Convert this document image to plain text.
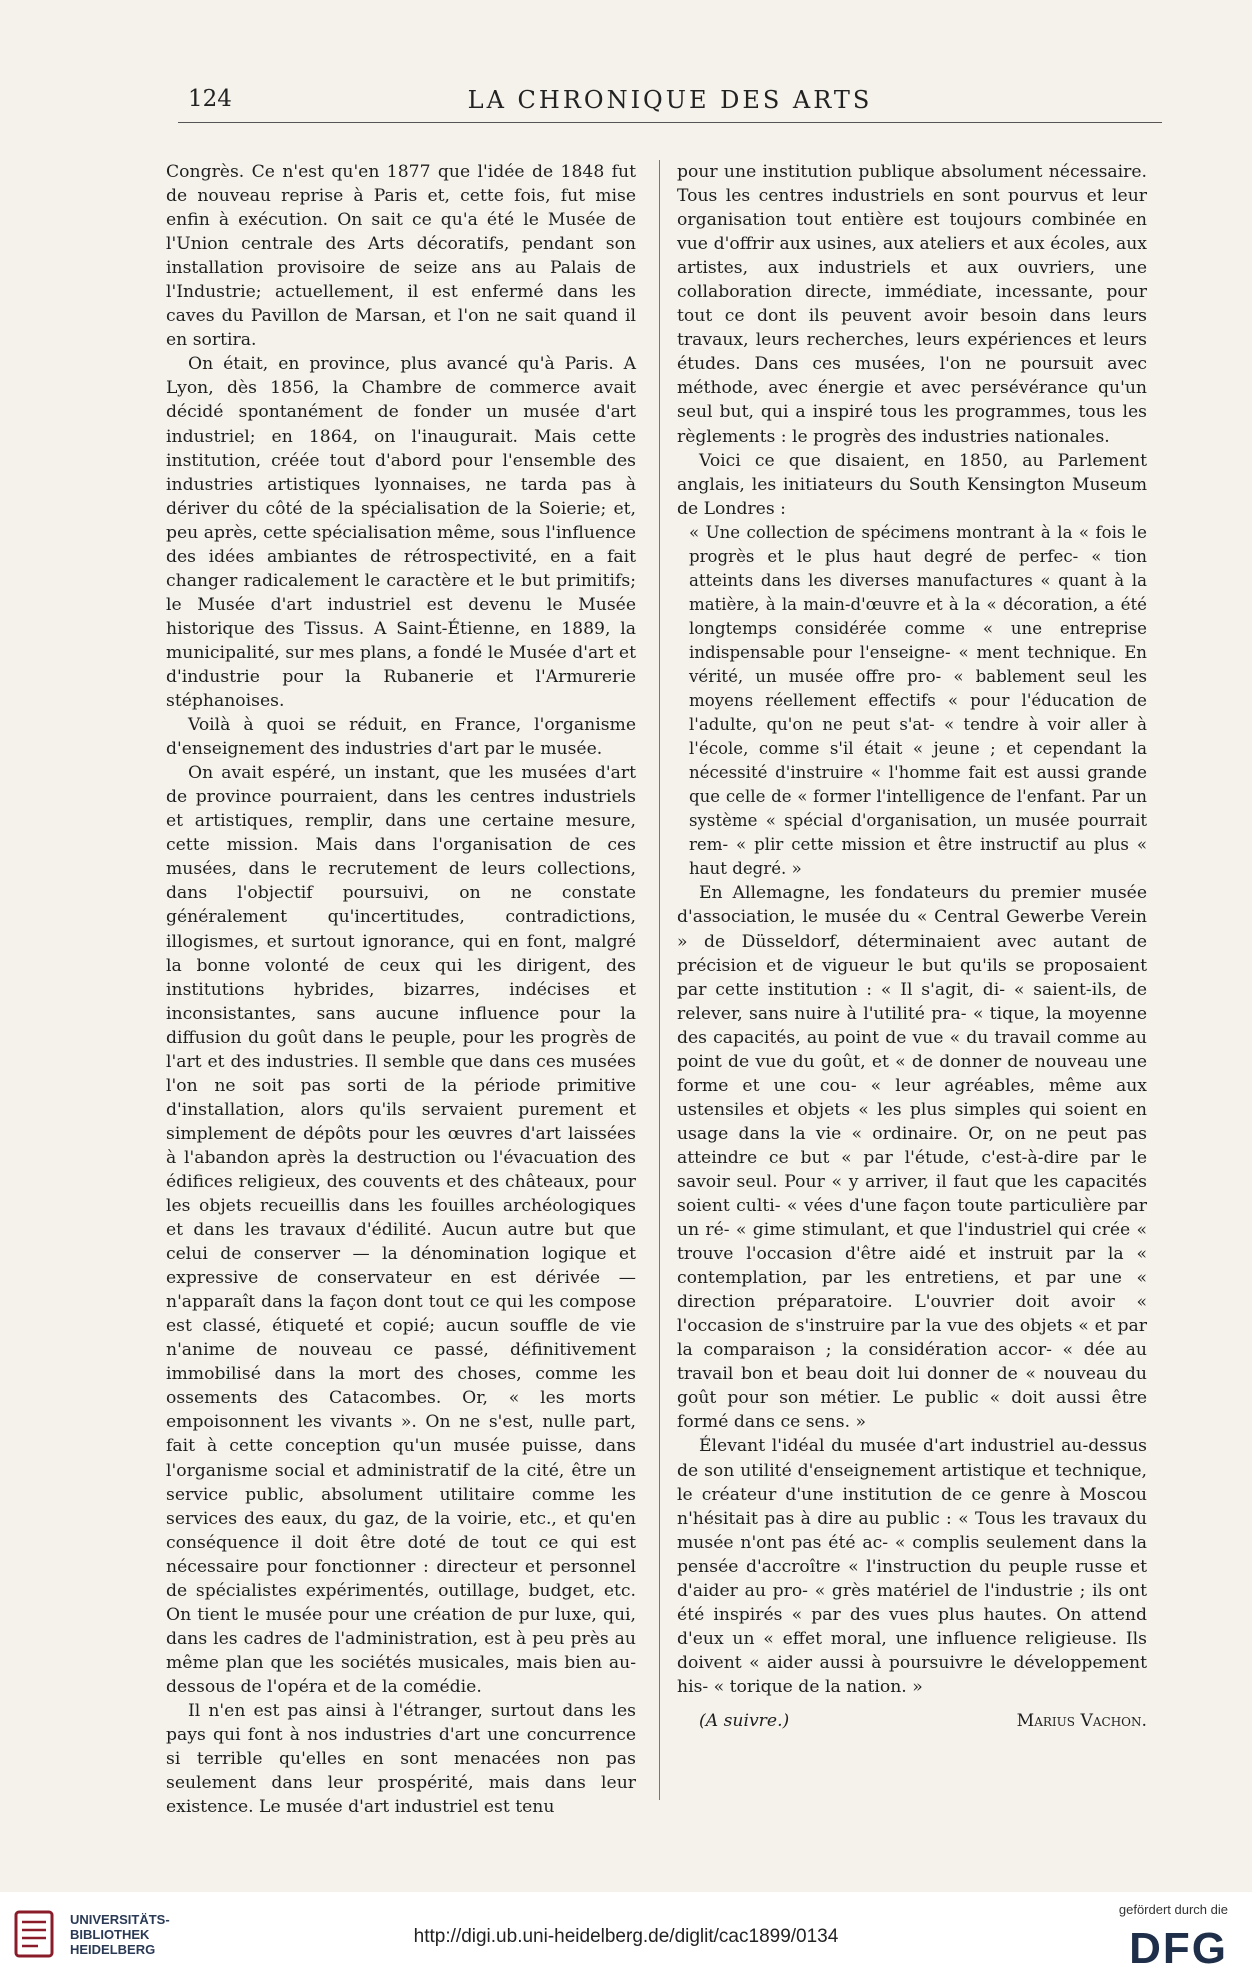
124	LA CHRONIQUE DES ARTS

Congrès. Ce n'est qu'en 1877 que l'idée de 1848 fut de nouveau reprise à Paris et, cette fois, fut mise enfin à exécution. On sait ce qu'a été le Musée de l'Union centrale des Arts décoratifs, pendant son installation provisoire de seize ans au Palais de l'Industrie; actuellement, il est enfermé dans les caves du Pavillon de Marsan, et l'on ne sait quand il en sortira.

On était, en province, plus avancé qu'à Paris. A Lyon, dès 1856, la Chambre de commerce avait décidé spontanément de fonder un musée d'art industriel; en 1864, on l'inaugurait. Mais cette institution, créée tout d'abord pour l'ensemble des industries artistiques lyonnaises, ne tarda pas à dériver du côté de la spécialisation de la Soierie; et, peu après, cette spécialisation même, sous l'influence des idées ambiantes de rétrospectivité, en a fait changer radicalement le caractère et le but primitifs; le Musée d'art industriel est devenu le Musée historique des Tissus. A Saint-Étienne, en 1889, la municipalité, sur mes plans, a fondé le Musée d'art et d'industrie pour la Rubanerie et l'Armurerie stéphanoises.

Voilà à quoi se réduit, en France, l'organisme d'enseignement des industries d'art par le musée.

On avait espéré, un instant, que les musées d'art de province pourraient, dans les centres industriels et artistiques, remplir, dans une certaine mesure, cette mission. Mais dans l'organisation de ces musées, dans le recrutement de leurs collections, dans l'objectif poursuivi, on ne constate généralement qu'incertitudes, contradictions, illogismes, et surtout ignorance, qui en font, malgré la bonne volonté de ceux qui les dirigent, des institutions hybrides, bizarres, indécises et inconsistantes, sans aucune influence pour la diffusion du goût dans le peuple, pour les progrès de l'art et des industries. Il semble que dans ces musées l'on ne soit pas sorti de la période primitive d'installation, alors qu'ils servaient purement et simplement de dépôts pour les œuvres d'art laissées à l'abandon après la destruction ou l'évacuation des édifices religieux, des couvents et des châteaux, pour les objets recueillis dans les fouilles archéologiques et dans les travaux d'édilité. Aucun autre but que celui de conserver — la dénomination logique et expressive de conservateur en est dérivée — n'apparaît dans la façon dont tout ce qui les compose est classé, étiqueté et copié; aucun souffle de vie n'anime de nouveau ce passé, définitivement immobilisé dans la mort des choses, comme les ossements des Catacombes. Or, « les morts empoisonnent les vivants ». On ne s'est, nulle part, fait à cette conception qu'un musée puisse, dans l'organisme social et administratif de la cité, être un service public, absolument utilitaire comme les services des eaux, du gaz, de la voirie, etc., et qu'en conséquence il doit être doté de tout ce qui est nécessaire pour fonctionner : directeur et personnel de spécialistes expérimentés, outillage, budget, etc. On tient le musée pour une création de pur luxe, qui, dans les cadres de l'administration, est à peu près au même plan que les sociétés musicales, mais bien au-dessous de l'opéra et de la comédie.

Il n'en est pas ainsi à l'étranger, surtout dans les pays qui font à nos industries d'art une concurrence si terrible qu'elles en sont menacées non pas seulement dans leur prospérité, mais dans leur existence. Le musée d'art industriel est tenu

pour une institution publique absolument nécessaire. Tous les centres industriels en sont pourvus et leur organisation tout entière est toujours combinée en vue d'offrir aux usines, aux ateliers et aux écoles, aux artistes, aux industriels et aux ouvriers, une collaboration directe, immédiate, incessante, pour tout ce dont ils peuvent avoir besoin dans leurs travaux, leurs recherches, leurs expériences et leurs études. Dans ces musées, l'on ne poursuit avec méthode, avec énergie et avec persévérance qu'un seul but, qui a inspiré tous les programmes, tous les règlements : le progrès des industries nationales.

Voici ce que disaient, en 1850, au Parlement anglais, les initiateurs du South Kensington Museum de Londres :

« Une collection de spécimens montrant à la « fois le progrès et le plus haut degré de perfec- « tion atteints dans les diverses manufactures « quant à la matière, à la main-d'œuvre et à la « décoration, a été longtemps considérée comme « une entreprise indispensable pour l'enseigne- « ment technique. En vérité, un musée offre pro- « bablement seul les moyens réellement effectifs « pour l'éducation de l'adulte, qu'on ne peut s'at- « tendre à voir aller à l'école, comme s'il était « jeune ; et cependant la nécessité d'instruire « l'homme fait est aussi grande que celle de « former l'intelligence de l'enfant. Par un système « spécial d'organisation, un musée pourrait rem- « plir cette mission et être instructif au plus « haut degré. »

En Allemagne, les fondateurs du premier musée d'association, le musée du « Central Gewerbe Verein » de Düsseldorf, déterminaient avec autant de précision et de vigueur le but qu'ils se proposaient par cette institution : « Il s'agit, di- « saient-ils, de relever, sans nuire à l'utilité pra- « tique, la moyenne des capacités, au point de vue « du travail comme au point de vue du goût, et « de donner de nouveau une forme et une cou- « leur agréables, même aux ustensiles et objets « les plus simples qui soient en usage dans la vie « ordinaire. Or, on ne peut pas atteindre ce but « par l'étude, c'est-à-dire par le savoir seul. Pour « y arriver, il faut que les capacités soient culti- « vées d'une façon toute particulière par un ré- « gime stimulant, et que l'industriel qui crée « trouve l'occasion d'être aidé et instruit par la « contemplation, par les entretiens, et par une « direction préparatoire. L'ouvrier doit avoir « l'occasion de s'instruire par la vue des objets « et par la comparaison ; la considération accor- « dée au travail bon et beau doit lui donner de « nouveau du goût pour son métier. Le public « doit aussi être formé dans ce sens. »

Élevant l'idéal du musée d'art industriel au-dessus de son utilité d'enseignement artistique et technique, le créateur d'une institution de ce genre à Moscou n'hésitait pas à dire au public : « Tous les travaux du musée n'ont pas été ac- « complis seulement dans la pensée d'accroître « l'instruction du peuple russe et d'aider au pro- « grès matériel de l'industrie ; ils ont été inspirés « par des vues plus hautes. On attend d'eux un « effet moral, une influence religieuse. Ils doivent « aider aussi à poursuivre le développement his- « torique de la nation. »

(A suivre.)	Marius Vachon.
UNIVERSITÄTS-
BIBLIOTHEK
HEIDELBERG
http://digi.ub.uni-heidelberg.de/diglit/cac1899/0134
gefördert durch die
DFG
